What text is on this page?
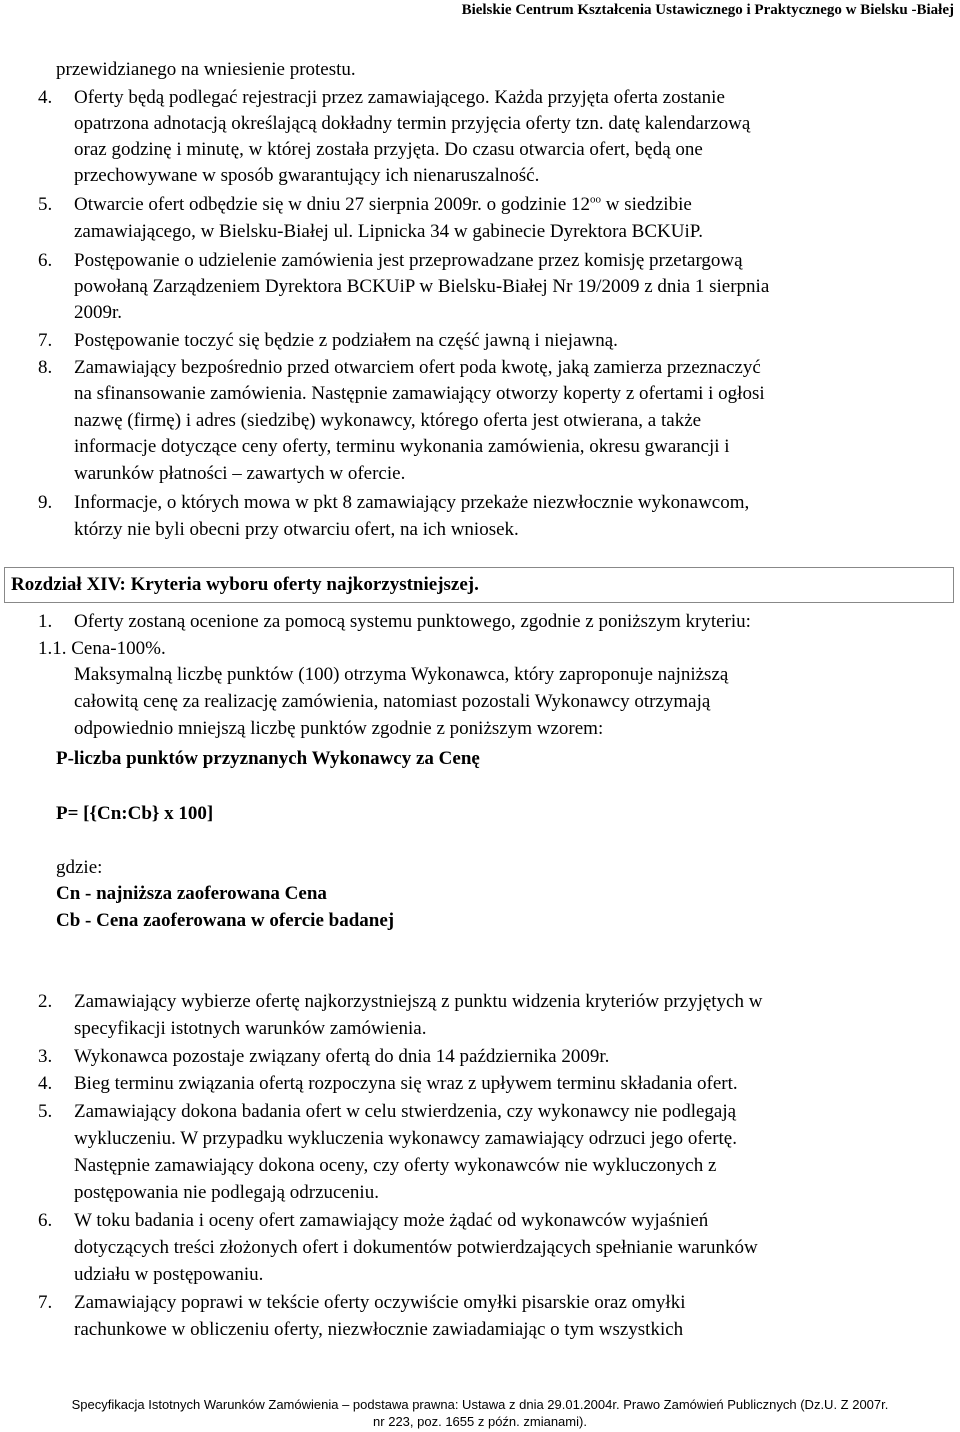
Bielskie Centrum Kształcenia Ustawicznego i Praktycznego w Bielsku -Białej
przewidzianego na wniesienie protestu.
4. Oferty będą podlegać rejestracji przez zamawiającego. Każda przyjęta oferta zostanie
opatrzona adnotacją określającą dokładny termin przyjęcia oferty tzn. datę kalendarzową
oraz godzinę i minutę, w której została przyjęta. Do czasu otwarcia ofert, będą one
przechowywane w sposób gwarantujący ich nienaruszalność.
5. Otwarcie ofert odbędzie się w dniu 27 sierpnia 2009r. o godzinie $12^{oo}$ w siedzibie
zamawiającego, w Bielsku-Białej ul. Lipnicka 34 w gabinecie Dyrektora BCKUiP.
6. Postępowanie o udzielenie zamówienia jest przeprowadzane przez komisję przetargową
powołaną Zarządzeniem Dyrektora BCKUiP w Bielsku-Białej Nr 19/2009 z dnia 1 sierpnia
2009r.
7. Postępowanie toczyć się będzie z podziałem na część jawną i niejawną.
8. Zamawiający bezpośrednio przed otwarciem ofert poda kwotę, jaką zamierza przeznaczyć
na sfinansowanie zamówienia. Następnie zamawiający otworzy koperty z ofertami i ogłosi
nazwę (firmę) i adres (siedzibę) wykonawcy, którego oferta jest otwierana, a także
informacje dotyczące ceny oferty, terminu wykonania zamówienia, okresu gwarancji i
warunków płatności – zawartych w ofercie.
9. Informacje, o których mowa w pkt 8 zamawiający przekaże niezwłocznie wykonawcom,
którzy nie byli obecni przy otwarciu ofert, na ich wniosek.
Rozdział XIV: Kryteria wyboru oferty najkorzystniejszej.
1. Oferty zostaną ocenione za pomocą systemu punktowego, zgodnie z poniższym kryteriu:
1.1. Cena-100%.
Maksymalną liczbę punktów (100) otrzyma Wykonawca, który zaproponuje najniższą
całowitą cenę za realizację zamówienia, natomiast pozostali Wykonawcy otrzymają
odpowiednio mniejszą liczbę punktów zgodnie z poniższym wzorem:
P-liczba punktów przyznanych Wykonawcy za Cenę
P= [{Cn:Cb} x 100]
gdzie:
Cn - najniższa zaoferowana Cena
Cb - Cena zaoferowana w ofercie badanej
2. Zamawiający wybierze ofertę najkorzystniejszą z punktu widzenia kryteriów przyjętych w
specyfikacji istotnych warunków zamówienia.
3. Wykonawca pozostaje związany ofertą do dnia 14 października 2009r.
4. Bieg terminu związania ofertą rozpoczyna się wraz z upływem terminu składania ofert.
5. Zamawiający dokona badania ofert w celu stwierdzenia, czy wykonawcy nie podlegają
wykluczeniu. W przypadku wykluczenia wykonawcy zamawiający odrzuci jego ofertę.
Następnie zamawiający dokona oceny, czy oferty wykonawców nie wykluczonych z
postępowania nie podlegają odrzuceniu.
6. W toku badania i oceny ofert zamawiający może żądać od wykonawców wyjaśnień
dotyczących treści złożonych ofert i dokumentów potwierdzających spełnianie warunków
udziału w postępowaniu.
7. Zamawiający poprawi w tekście oferty oczywiście omyłki pisarskie oraz omyłki
rachunkowe w obliczeniu oferty, niezwłocznie zawiadamiając o tym wszystkich
Specyfikacja Istotnych Warunków Zamówienia – podstawa prawna: Ustawa z dnia 29.01.2004r. Prawo Zamówień Publicznych (Dz.U. Z 2007r.
nr 223, poz. 1655 z późn. zmianami).
